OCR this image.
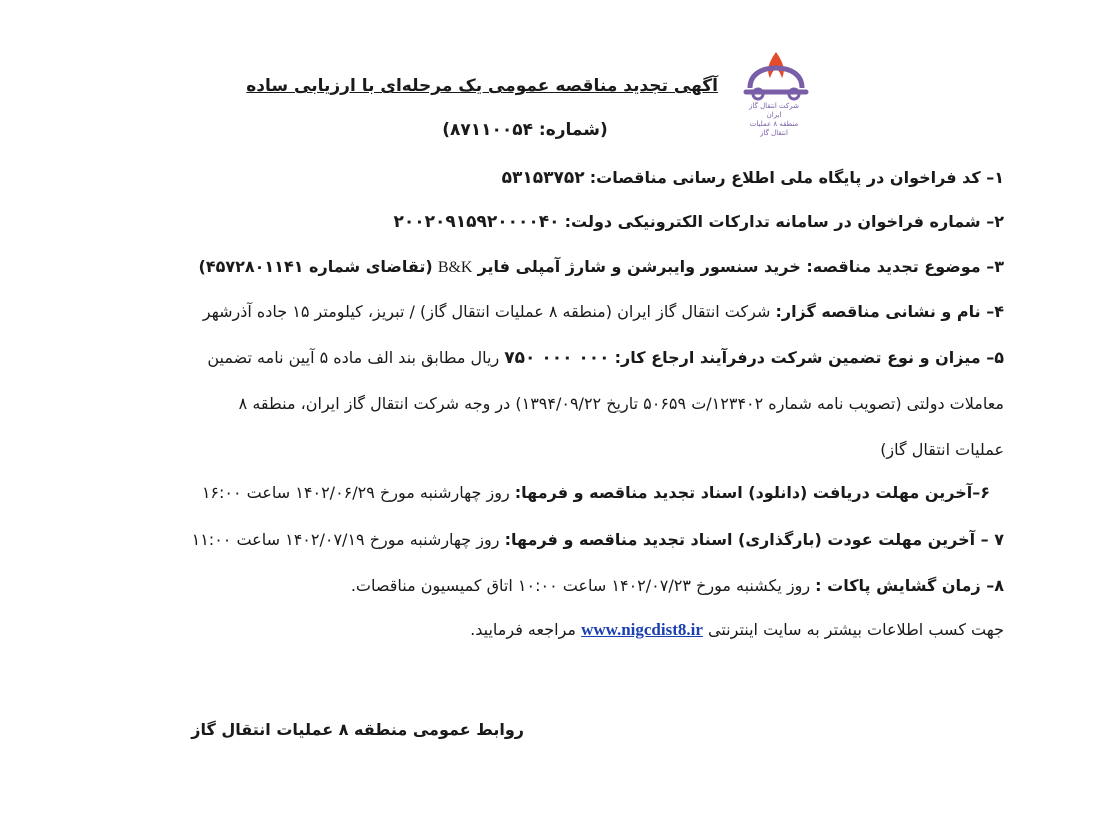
شرکت انتقال گاز ایران
منطقه ۸ عملیات انتقال گاز
آگهی تجدید مناقصه عمومی یک مرحله‌ای با ارزیابی ساده
(شماره: ۸۷۱۱۰۰۵۴)
۱– کد فراخوان در پایگاه ملی اطلاع رسانی مناقصات: ۵۳۱۵۳۷۵۲
۲– شماره فراخوان در سامانه تدارکات الکترونیکی دولت: ۲۰۰۲۰۹۱۵۹۲۰۰۰۰۴۰
۳– موضوع تجدید مناقصه: خرید سنسور وایبرشن و شارژ آمپلی فایر B&K (تقاضای شماره ۴۵۷۲۸۰۱۱۴۱)
۴– نام و نشانی مناقصه گزار: شرکت انتقال گاز ایران (منطقه ۸ عملیات انتقال گاز) / تبریز، کیلومتر ۱۵ جاده آذرشهر
۵– میزان و نوع تضمین شرکت درفرآیند ارجاع کار: ۰۰۰ ۰۰۰ ۷۵۰ ریال مطابق بند الف ماده ۵ آیین نامه تضمین
معاملات دولتی (تصویب نامه شماره ۱۲۳۴۰۲/ت ۵۰۶۵۹ تاریخ ۱۳۹۴/۰۹/۲۲) در وجه شرکت انتقال گاز ایران، منطقه ۸
عملیات انتقال گاز)
۶–آخرین مهلت دریافت (دانلود) اسناد تجدید مناقصه و فرمها: روز چهارشنبه مورخ ۱۴۰۲/۰۶/۲۹ ساعت ۱۶:۰۰
۷ – آخرین مهلت عودت (بارگذاری) اسناد تجدید مناقصه و فرمها: روز چهارشنبه مورخ ۱۴۰۲/۰۷/۱۹ ساعت ۱۱:۰۰
۸– زمان گشایش پاکات : روز یکشنبه مورخ ۱۴۰۲/۰۷/۲۳ ساعت ۱۰:۰۰ اتاق کمیسیون مناقصات.
جهت کسب اطلاعات بیشتر به سایت اینترنتی www.nigcdist8.ir مراجعه فرمایید.
روابط عمومی منطقه ۸ عملیات انتقال گاز
